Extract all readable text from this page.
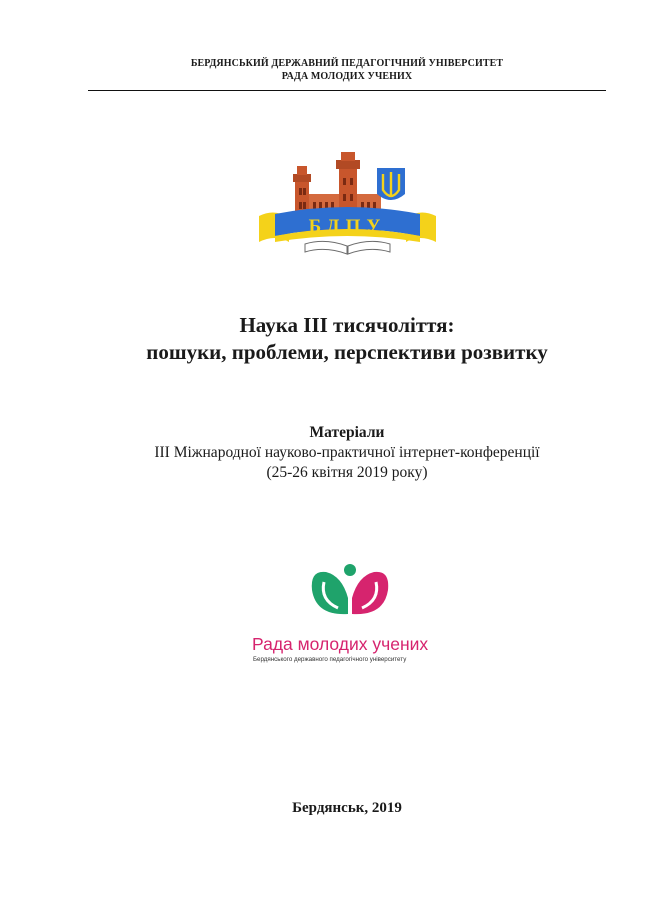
БЕРДЯНСЬКИЙ ДЕРЖАВНИЙ ПЕДАГОГІЧНИЙ УНІВЕРСИТЕТ
РАДА МОЛОДИХ УЧЕНИХ
БДПУ
Наука ІІІ тисячоліття:
пошуки, проблеми, перспективи розвитку
Матеріали
ІІІ Міжнародної науково-практичної інтернет-конференції
(25-26 квітня 2019 року)
Рада молодих учених
Бердянського державного педагогічного університету
Бердянськ, 2019
